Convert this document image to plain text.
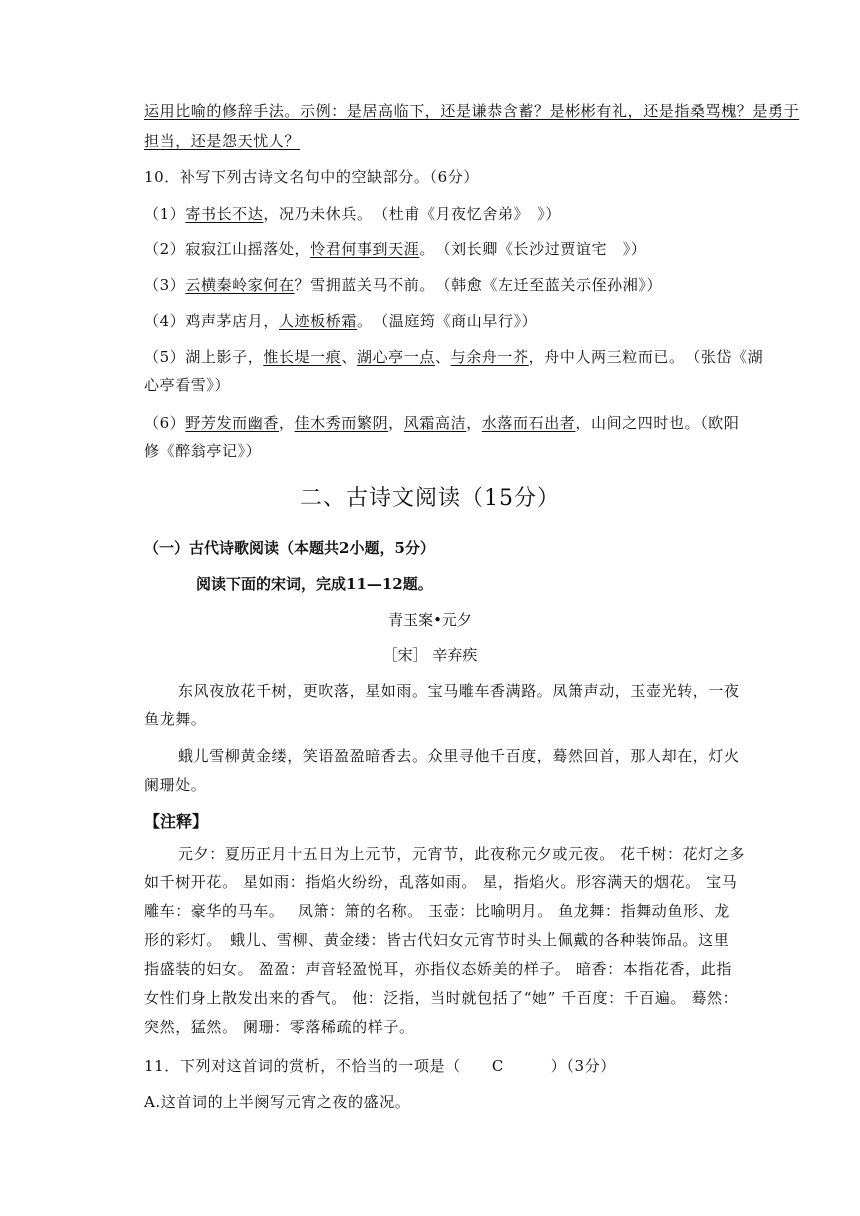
运用比喻的修辞手法。示例：是居高临下，还是谦恭含蓄？是彬彬有礼，还是指桑骂槐？是勇于
担当，还是怨天忧人？
10．补写下列古诗文名句中的空缺部分。（6分）
（1）寄书长不达，况乃未休兵。　（杜甫《月夜忆舍弟》　》）
（2）寂寂江山摇落处，怜君何事到天涯。　（刘长卿《长沙过贾谊宅　》）
（3）云横秦岭家何在？雪拥蓝关马不前。　（韩愈《左迁至蓝关示侄孙湘》）
（4）鸡声茅店月，人迹板桥霜。　（温庭筠《商山早行》）
（5）湖上影子，惟长堤一痕、湖心亭一点、与余舟一芥，舟中人两三粒而已。　（张岱《湖
心亭看雪》）
（6）野芳发而幽香，佳木秀而繁阴，风霜高洁，水落而石出者，山间之四时也。（欧阳
修《醉翁亭记》）
二、古诗文阅读（15分）
（一）古代诗歌阅读（本题共2小题，5分）
阅读下面的宋词，完成11—12题。
青玉案•元夕
［宋］ 辛弃疾
东风夜放花千树，更吹落，星如雨。宝马雕车香满路。凤箫声动，玉壶光转，一夜
鱼龙舞。
蛾儿雪柳黄金缕，笑语盈盈暗香去。众里寻他千百度，蓦然回首，那人却在，灯火
阑珊处。
【注释】
元夕：夏历正月十五日为上元节，元宵节，此夜称元夕或元夜。 花千树：花灯之多
如千树开花。 星如雨：指焰火纷纷，乱落如雨。 星，指焰火。形容满天的烟花。 宝马
雕车：豪华的马车。　 凤箫：箫的名称。 玉壶：比喻明月。 鱼龙舞：指舞动鱼形、龙
形的彩灯。　蛾儿、雪柳、黄金缕：皆古代妇女元宵节时头上佩戴的各种装饰品。这里
指盛装的妇女。 盈盈：声音轻盈悦耳，亦指仪态娇美的样子。 暗香：本指花香，此指
女性们身上散发出来的香气。 他：泛指，当时就包括了“她” 千百度：千百遍。 蓦然：
突然，猛然。 阑珊：零落稀疏的样子。
11．下列对这首词的赏析，不恰当的一项是（　　C　　　）（3分）
A.这首词的上半阕写元宵之夜的盛况。
